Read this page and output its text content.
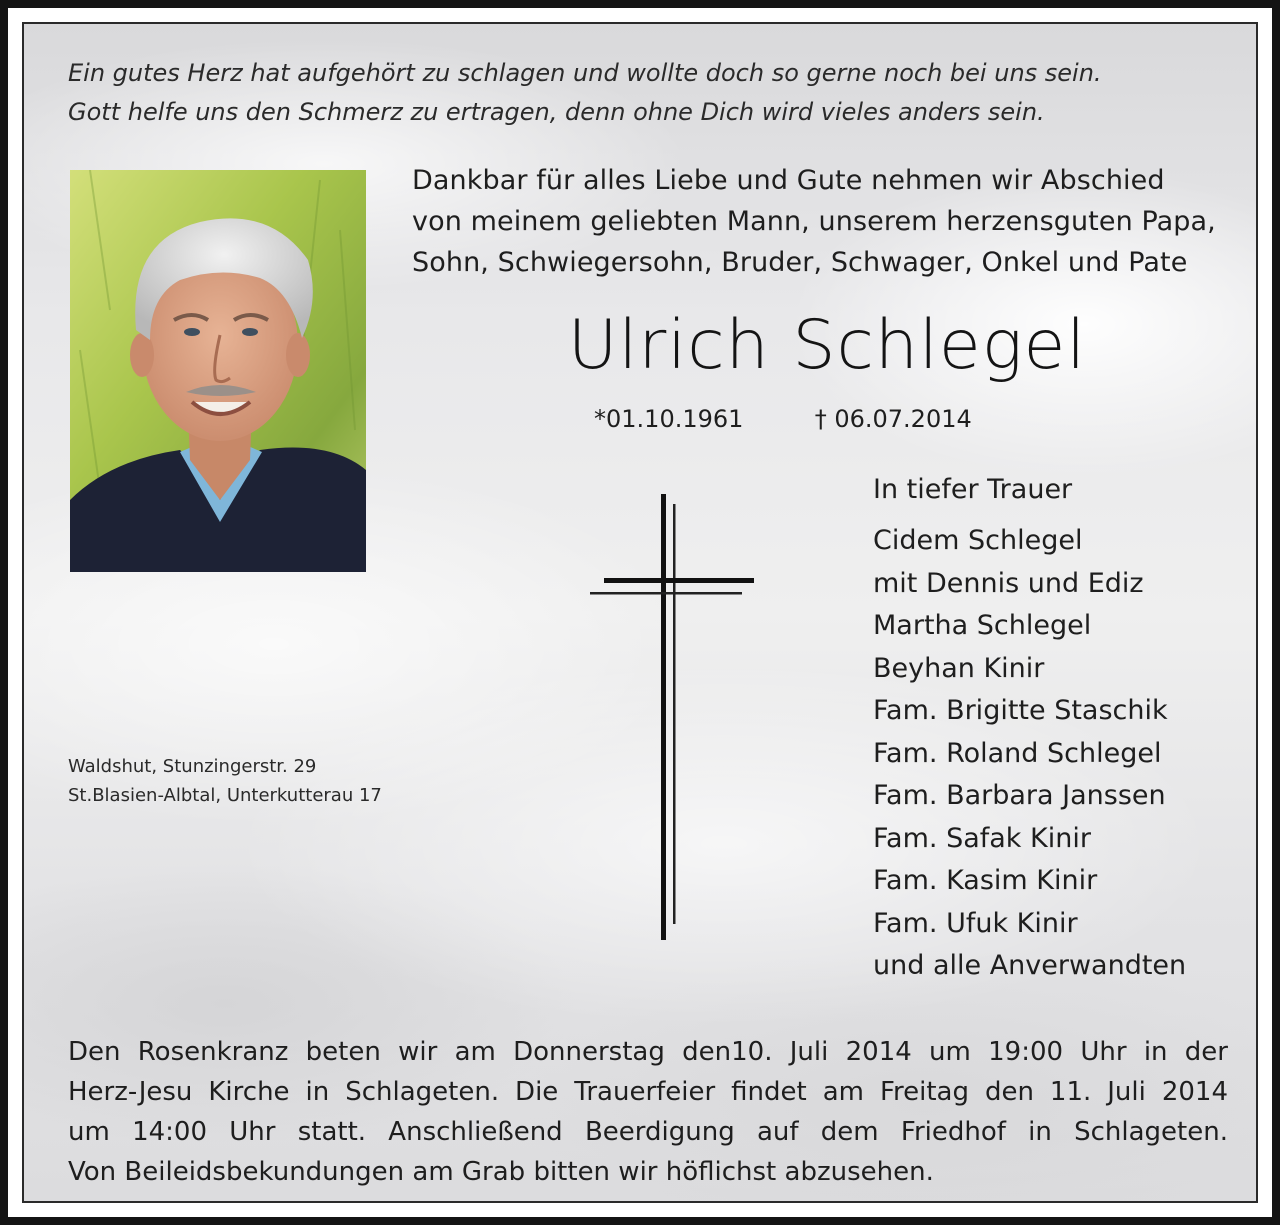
Ein gutes Herz hat aufgehört zu schlagen und wollte doch so gerne noch bei uns sein.
Gott helfe uns den Schmerz zu ertragen, denn ohne Dich wird vieles anders sein.
Dankbar für alles Liebe und Gute nehmen wir Abschied
von meinem geliebten Mann, unserem herzensguten Papa,
Sohn, Schwiegersohn, Bruder, Schwager, Onkel und Pate
Ulrich Schlegel
*01.10.1961	† 06.07.2014
In tiefer Trauer
Cidem Schlegel
mit Dennis und Ediz
Martha Schlegel
Beyhan Kinir
Fam. Brigitte Staschik
Fam. Roland Schlegel
Fam. Barbara Janssen
Fam. Safak Kinir
Fam. Kasim Kinir
Fam. Ufuk Kinir
und alle Anverwandten
Waldshut, Stunzingerstr. 29
St.Blasien-Albtal, Unterkutterau 17
Den Rosenkranz beten wir am Donnerstag den10. Juli 2014 um 19:00 Uhr in der
Herz-Jesu Kirche in Schlageten. Die Trauerfeier findet am Freitag den 11. Juli 2014
um 14:00 Uhr statt. Anschließend Beerdigung auf dem Friedhof in Schlageten.
Von Beileidsbekundungen am Grab bitten wir höflichst abzusehen.
